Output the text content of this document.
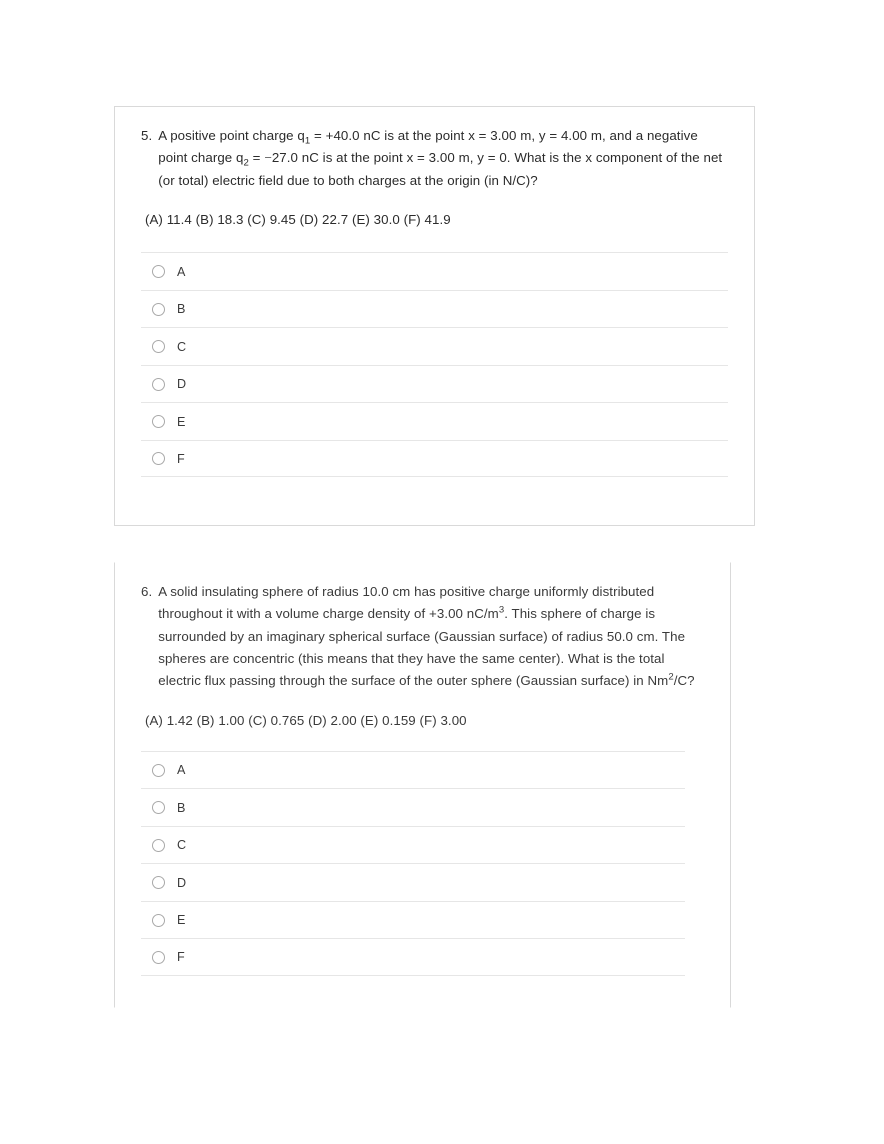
5. A positive point charge $q_1 = +40.0$ nC is at the point x = 3.00 m, y = 4.00 m, and a negative point charge $q_2 = -27.0$ nC is at the point x = 3.00 m, y = 0. What is the x component of the net (or total) electric field due to both charges at the origin (in N/C)?
(A) 11.4 (B) 18.3 (C) 9.45 (D) 22.7 (E) 30.0 (F) 41.9
A
B
C
D
E
F
6. A solid insulating sphere of radius 10.0 cm has positive charge uniformly distributed throughout it with a volume charge density of +3.00 $nC/m^3$. This sphere of charge is surrounded by an imaginary spherical surface (Gaussian surface) of radius 50.0 cm. The spheres are concentric (this means that they have the same center). What is the total electric flux passing through the surface of the outer sphere (Gaussian surface) in Nm$^2$/C?
(A) 1.42 (B) 1.00 (C) 0.765 (D) 2.00 (E) 0.159 (F) 3.00
A
B
C
D
E
F
